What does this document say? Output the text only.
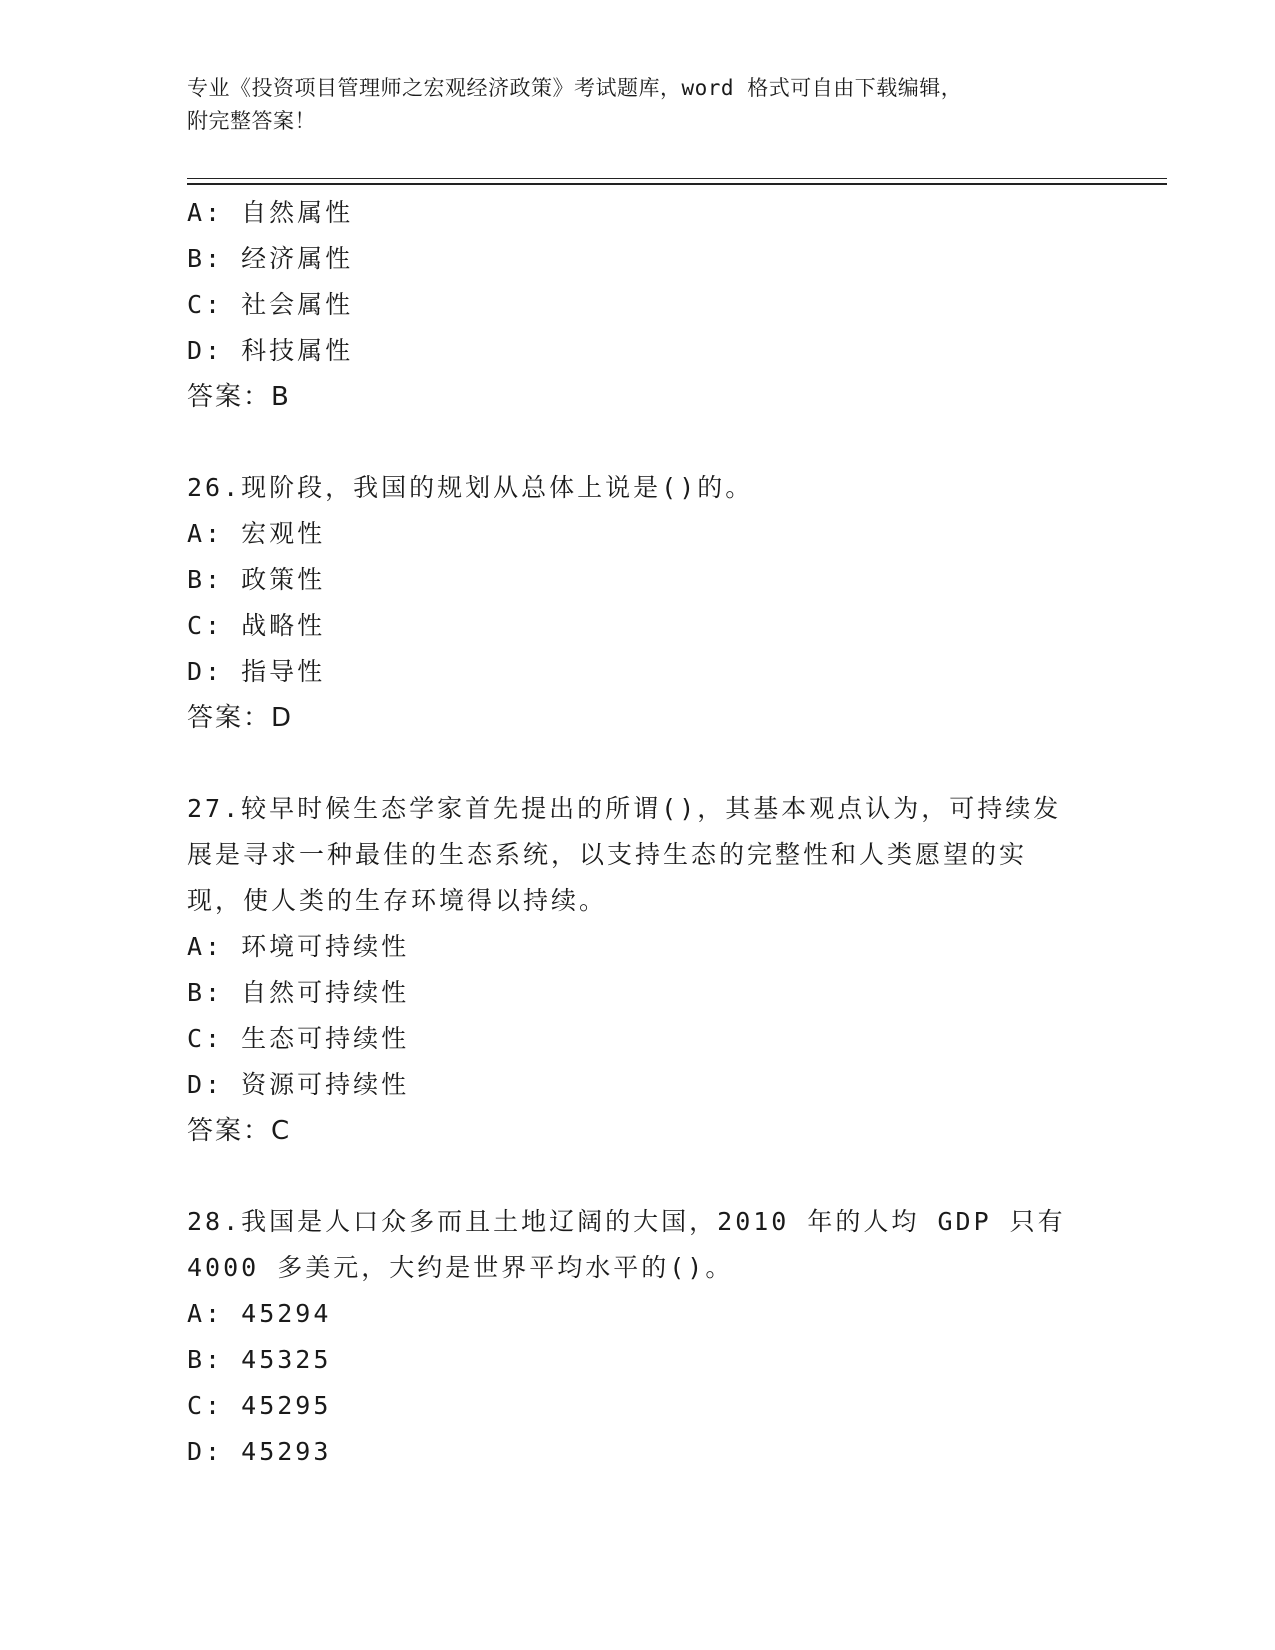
专业《投资项目管理师之宏观经济政策》考试题库，word 格式可自由下载编辑，
附完整答案！
A: 自然属性
B: 经济属性
C: 社会属性
D: 科技属性
答案：B
26.现阶段，我国的规划从总体上说是()的。
A: 宏观性
B: 政策性
C: 战略性
D: 指导性
答案：D
27.较早时候生态学家首先提出的所谓()，其基本观点认为，可持续发
展是寻求一种最佳的生态系统，以支持生态的完整性和人类愿望的实
现，使人类的生存环境得以持续。
A: 环境可持续性
B: 自然可持续性
C: 生态可持续性
D: 资源可持续性
答案：C
28.我国是人口众多而且土地辽阔的大国，2010 年的人均 GDP 只有
4000 多美元，大约是世界平均水平的()。
A: 45294
B: 45325
C: 45295
D: 45293
